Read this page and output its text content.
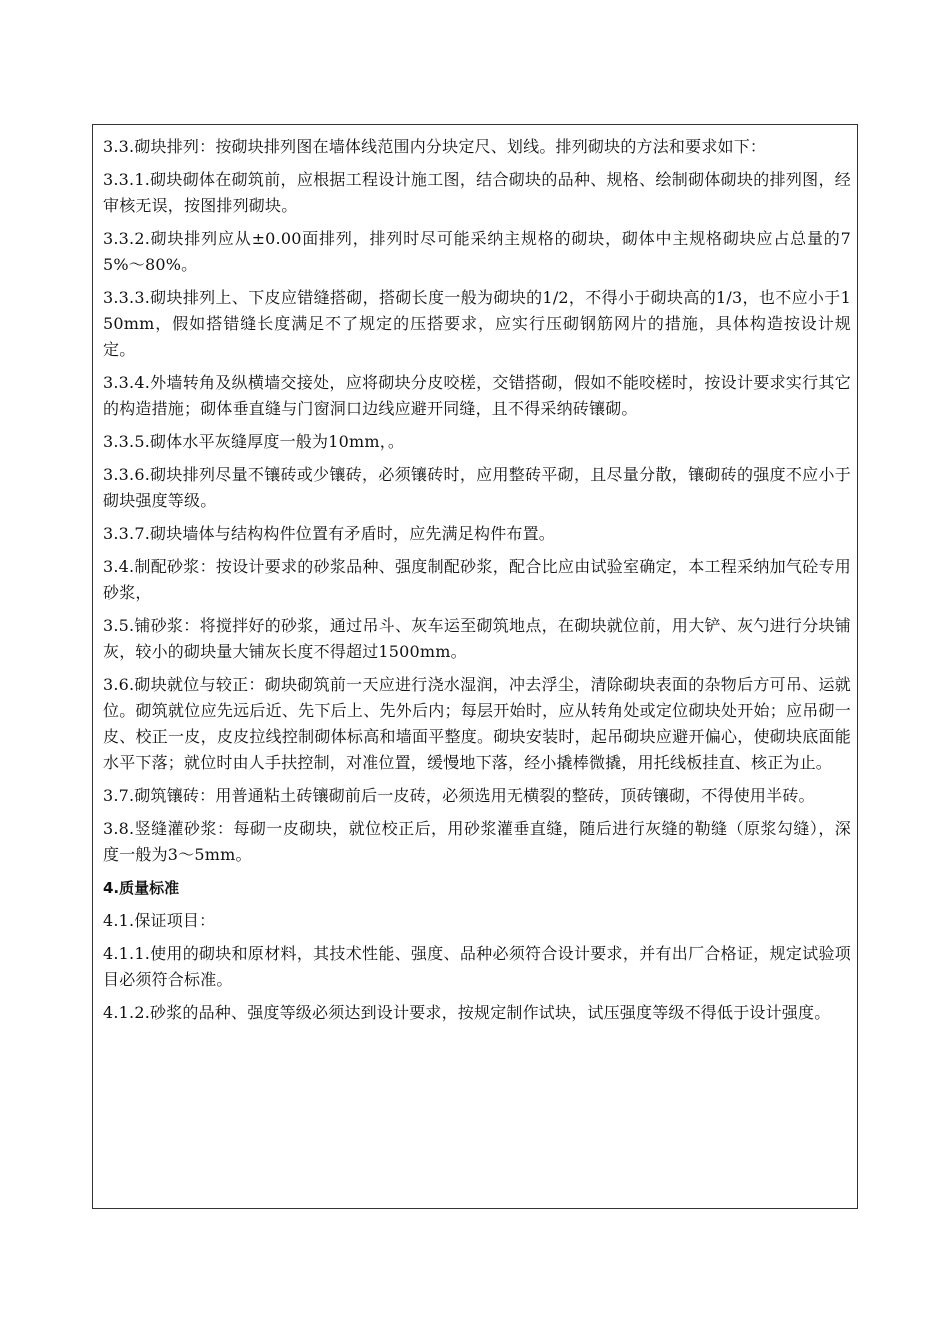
3.3.砌块排列：按砌块排列图在墙体线范围内分块定尺、划线。排列砌块的方法和要求如下：

3.3.1.砌块砌体在砌筑前，应根据工程设计施工图，结合砌块的品种、规格、绘制砌体砌块的排列图，经审核无误，按图排列砌块。

3.3.2.砌块排列应从±0.00面排列，排列时尽可能采纳主规格的砌块，砌体中主规格砌块应占总量的75%～80%。

3.3.3.砌块排列上、下皮应错缝搭砌，搭砌长度一般为砌块的1/2，不得小于砌块高的1/3，也不应小于150mm，假如搭错缝长度满足不了规定的压搭要求，应实行压砌钢筋网片的措施，具体构造按设计规定。

3.3.4.外墙转角及纵横墙交接处，应将砌块分皮咬槎，交错搭砌，假如不能咬槎时，按设计要求实行其它的构造措施；砌体垂直缝与门窗洞口边线应避开同缝，且不得采纳砖镶砌。

3.3.5.砌体水平灰缝厚度一般为10mm，。

3.3.6.砌块排列尽量不镶砖或少镶砖，必须镶砖时，应用整砖平砌，且尽量分散，镶砌砖的强度不应小于砌块强度等级。

3.3.7.砌块墙体与结构构件位置有矛盾时，应先满足构件布置。

3.4.制配砂浆：按设计要求的砂浆品种、强度制配砂浆，配合比应由试验室确定，本工程采纳加气砼专用砂浆，

3.5.铺砂浆：将搅拌好的砂浆，通过吊斗、灰车运至砌筑地点，在砌块就位前，用大铲、灰勺进行分块铺灰，较小的砌块量大铺灰长度不得超过1500mm。

3.6.砌块就位与较正：砌块砌筑前一天应进行浇水湿润，冲去浮尘，清除砌块表面的杂物后方可吊、运就位。砌筑就位应先远后近、先下后上、先外后内；每层开始时，应从转角处或定位砌块处开始；应吊砌一皮、校正一皮，皮皮拉线控制砌体标高和墙面平整度。砌块安装时，起吊砌块应避开偏心，使砌块底面能水平下落；就位时由人手扶控制，对准位置，缓慢地下落，经小撬棒微撬，用托线板挂直、核正为止。

3.7.砌筑镶砖：用普通粘土砖镶砌前后一皮砖，必须选用无横裂的整砖，顶砖镶砌，不得使用半砖。

3.8.竖缝灌砂浆：每砌一皮砌块，就位校正后，用砂浆灌垂直缝，随后进行灰缝的勒缝（原浆勾缝），深度一般为3～5mm。

4.质量标准

4.1.保证项目：

4.1.1.使用的砌块和原材料，其技术性能、强度、品种必须符合设计要求，并有出厂合格证，规定试验项目必须符合标准。

4.1.2.砂浆的品种、强度等级必须达到设计要求，按规定制作试块，试压强度等级不得低于设计强度。
